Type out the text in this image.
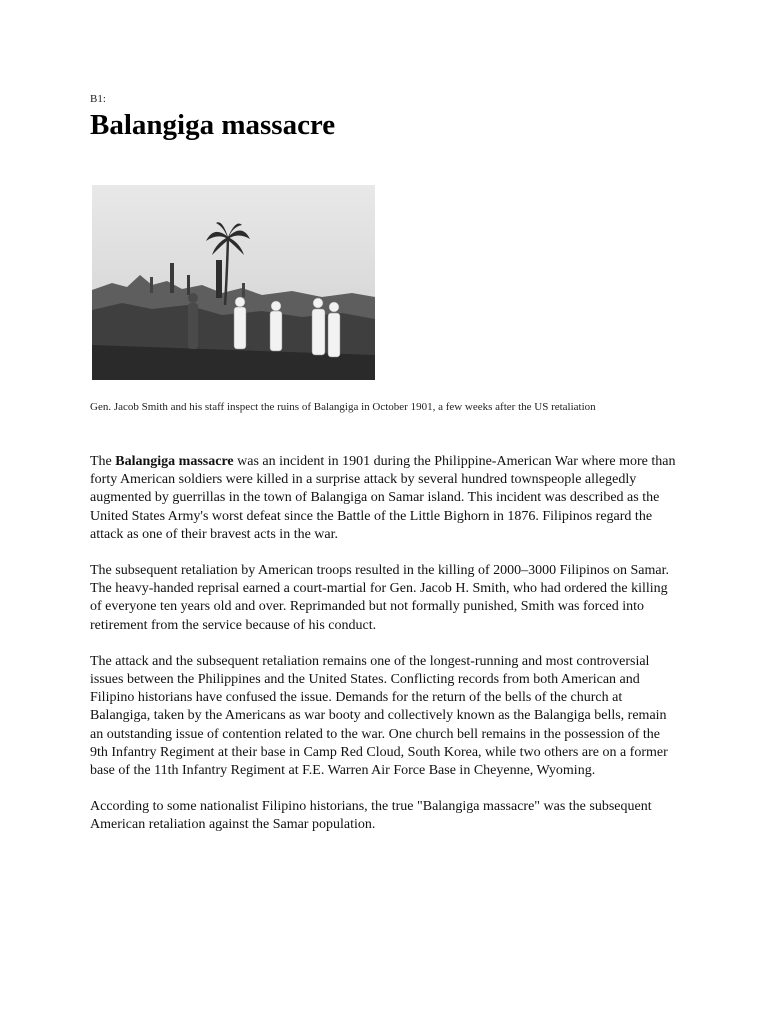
B1:
Balangiga massacre
Gen. Jacob Smith and his staff inspect the ruins of Balangiga in October 1901, a few weeks after the US retaliation

The Balangiga massacre was an incident in 1901 during the Philippine-American War where more than forty American soldiers were killed in a surprise attack by several hundred townspeople allegedly augmented by guerrillas in the town of Balangiga on Samar island. This incident was described as the United States Army's worst defeat since the Battle of the Little Bighorn in 1876. Filipinos regard the attack as one of their bravest acts in the war.

The subsequent retaliation by American troops resulted in the killing of 2000–3000 Filipinos on Samar. The heavy-handed reprisal earned a court-martial for Gen. Jacob H. Smith, who had ordered the killing of everyone ten years old and over. Reprimanded but not formally punished, Smith was forced into retirement from the service because of his conduct.

The attack and the subsequent retaliation remains one of the longest-running and most controversial issues between the Philippines and the United States. Conflicting records from both American and Filipino historians have confused the issue. Demands for the return of the bells of the church at Balangiga, taken by the Americans as war booty and collectively known as the Balangiga bells, remain an outstanding issue of contention related to the war. One church bell remains in the possession of the 9th Infantry Regiment at their base in Camp Red Cloud, South Korea, while two others are on a former base of the 11th Infantry Regiment at F.E. Warren Air Force Base in Cheyenne, Wyoming.

According to some nationalist Filipino historians, the true "Balangiga massacre" was the subsequent American retaliation against the Samar population.
